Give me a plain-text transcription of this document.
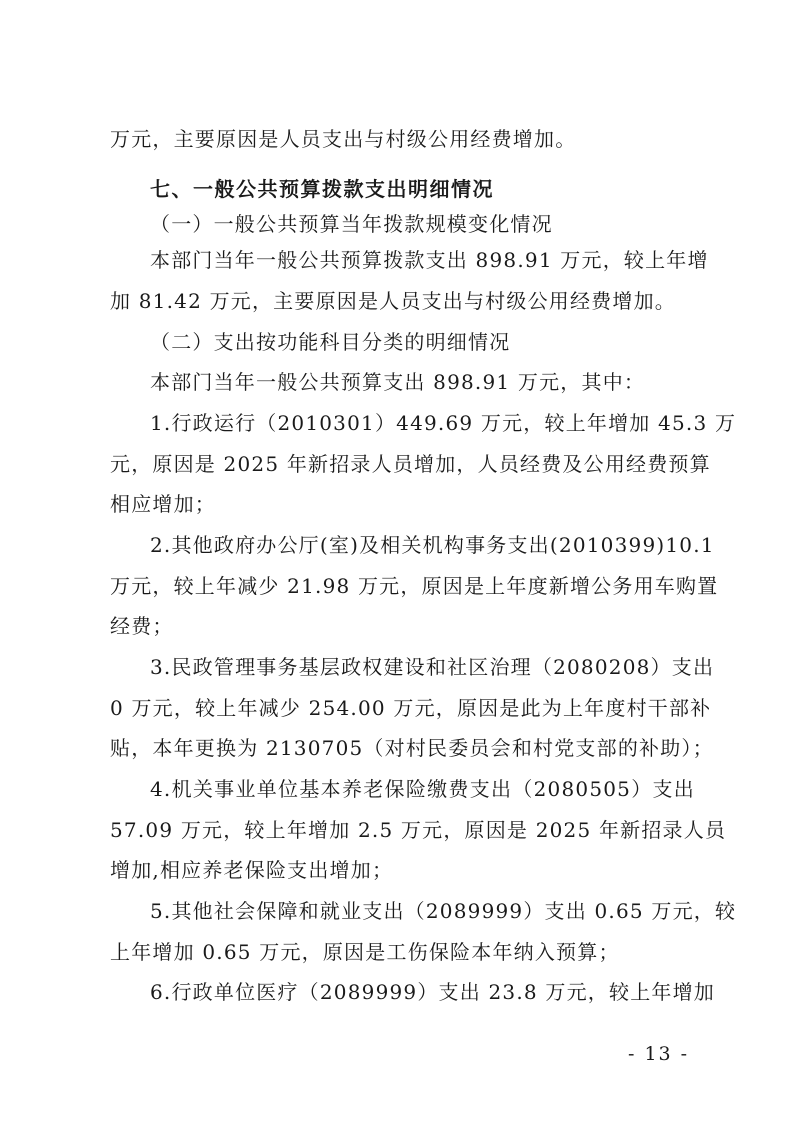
万元，主要原因是人员支出与村级公用经费增加。
七、一般公共预算拨款支出明细情况
（一）一般公共预算当年拨款规模变化情况
本部门当年一般公共预算拨款支出 898.91 万元，较上年增
加 81.42 万元，主要原因是人员支出与村级公用经费增加。
（二）支出按功能科目分类的明细情况
本部门当年一般公共预算支出 898.91 万元，其中：
1.行政运行（2010301）449.69 万元，较上年增加 45.3 万
元，原因是 2025 年新招录人员增加，人员经费及公用经费预算
相应增加；
2.其他政府办公厅(室)及相关机构事务支出(2010399)10.1
万元，较上年减少 21.98 万元，原因是上年度新增公务用车购置
经费；
3.民政管理事务基层政权建设和社区治理（2080208）支出
0 万元，较上年减少 254.00 万元，原因是此为上年度村干部补
贴，本年更换为 2130705（对村民委员会和村党支部的补助）；
4.机关事业单位基本养老保险缴费支出（2080505）支出
57.09 万元，较上年增加 2.5 万元，原因是 2025 年新招录人员
增加,相应养老保险支出增加；
5.其他社会保障和就业支出（2089999）支出 0.65 万元，较
上年增加 0.65 万元，原因是工伤保险本年纳入预算；
6.行政单位医疗（2089999）支出 23.8 万元，较上年增加
- 13 -
